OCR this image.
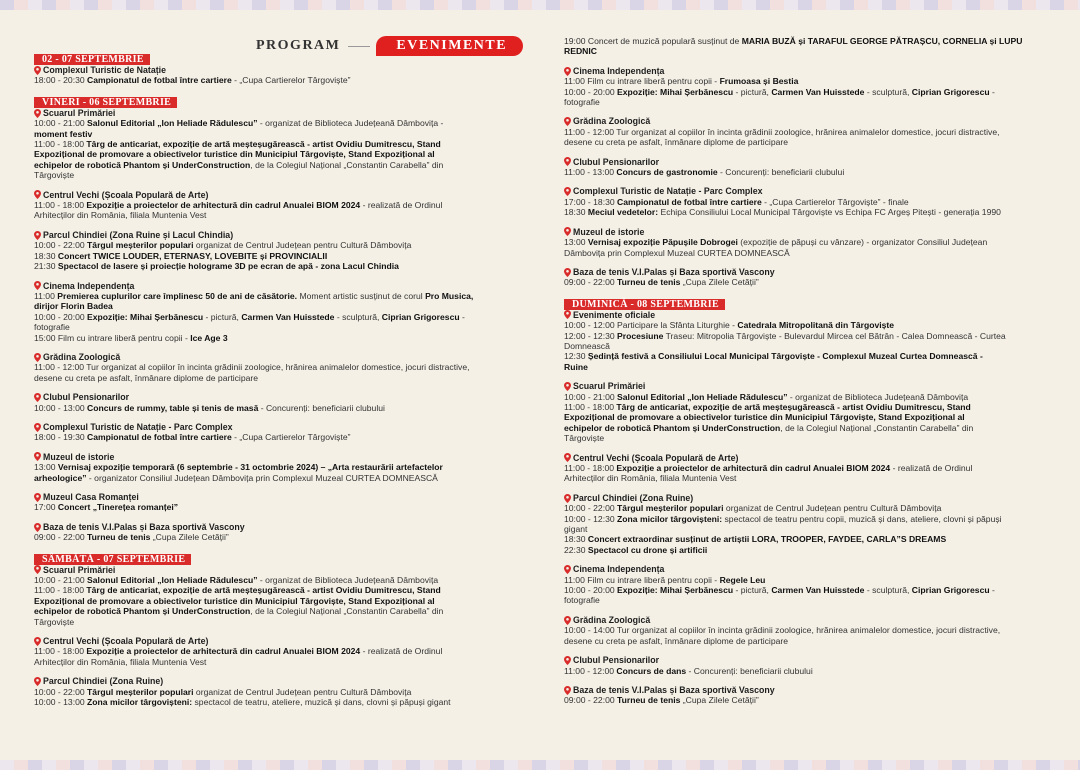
PROGRAM	EVENIMENTE
02 - 07 SEPTEMBRIE
Complexul Turistic de Natație
18:00 - 20:30 Campionatul de fotbal între cartiere - „Cupa Cartierelor Târgoviște”
VINERI - 06 SEPTEMBRIE
Scuarul Primăriei
10:00 - 21:00 Salonul Editorial „Ion Heliade Rădulescu” - organizat de Biblioteca Județeană Dâmbovița -
moment festiv
11:00 - 18:00 Târg de anticariat, expoziție de artă meșteșugărească - artist Ovidiu Dumitrescu, Stand
Expozițional de promovare a obiectivelor turistice din Municipiul Târgoviște, Stand Expozițional al
echipelor de robotică Phantom și UnderConstruction, de la Colegiul Național „Constantin Carabella” din
Târgoviște
Centrul Vechi (Școala Populară de Arte)
11:00 - 18:00 Expoziție a proiectelor de arhitectură din cadrul Anualei BIOM 2024 - realizată de Ordinul
Arhitecților din România, filiala Muntenia Vest
Parcul Chindiei (Zona Ruine și Lacul Chindia)
10:00 - 22:00 Târgul meșterilor populari organizat de Centrul Județean pentru Cultură Dâmbovița
18:30 Concert TWICE LOUDER, ETERNASY, LOVEBITE și PROVINCIALII
21:30 Spectacol de lasere și proiecție holograme 3D pe ecran de apă - zona Lacul Chindia
Cinema Independența
11:00 Premierea cuplurilor care împlinesc 50 de ani de căsătorie. Moment artistic susținut de corul Pro Musica,
dirijor Florin Badea
10:00 - 20:00 Expoziție: Mihai Șerbănescu - pictură, Carmen Van Huisstede - sculptură, Ciprian Grigorescu -
fotografie
15:00 Film cu intrare liberă pentru copii - Ice Age 3
Grădina Zoologică
11:00 - 12:00 Tur organizat al copiilor în incinta grădinii zoologice, hrănirea animalelor domestice, jocuri distractive,
desene cu creta pe asfalt, înmânare diplome de participare
Clubul Pensionarilor
10:00 - 13:00 Concurs de rummy, table și tenis de masă - Concurenți: beneficiarii clubului
Complexul Turistic de Natație - Parc Complex
18:00 - 19:30 Campionatul de fotbal între cartiere - „Cupa Cartierelor Târgoviște”
Muzeul de istorie
13:00 Vernisaj expoziție temporară (6 septembrie - 31 octombrie 2024) – „Arta restaurării artefactelor
arheologice” - organizator Consiliul Județean Dâmbovița prin Complexul Muzeal CURTEA DOMNEASCĂ
Muzeul Casa Romanței
17:00 Concert „Tinerețea romanței”
Baza de tenis V.I.Palas și Baza sportivă Vascony
09:00 - 22:00 Turneu de tenis „Cupa Zilele Cetății”
SÂMBĂTĂ - 07 SEPTEMBRIE
Scuarul Primăriei
10:00 - 21:00 Salonul Editorial „Ion Heliade Rădulescu” - organizat de Biblioteca Județeană Dâmbovița
11:00 - 18:00 Târg de anticariat, expoziție de artă meșteșugărească - artist Ovidiu Dumitrescu, Stand
Expozițional de promovare a obiectivelor turistice din Municipiul Târgoviște, Stand Expozițional al
echipelor de robotică Phantom și UnderConstruction, de la Colegiul Național „Constantin Carabella” din
Târgoviște
Centrul Vechi (Școala Populară de Arte)
11:00 - 18:00 Expoziție a proiectelor de arhitectură din cadrul Anualei BIOM 2024 - realizată de Ordinul
Arhitecților din România, filiala Muntenia Vest
Parcul Chindiei (Zona Ruine)
10:00 - 22:00 Târgul meșterilor populari organizat de Centrul Județean pentru Cultură Dâmbovița
10:00 - 13:00 Zona micilor târgovișteni: spectacol de teatru, ateliere, muzică și dans, clovni și păpuși gigant
19:00 Concert de muzică populară susținut de MARIA BUZĂ și TARAFUL GEORGE PĂTRAȘCU, CORNELIA și LUPU
REDNIC
Cinema Independența
11:00 Film cu intrare liberă pentru copii - Frumoasa și Bestia
10:00 - 20:00 Expoziție: Mihai Șerbănescu - pictură, Carmen Van Huisstede - sculptură, Ciprian Grigorescu -
fotografie
Grădina Zoologică
11:00 - 12:00 Tur organizat al copiilor în incinta grădinii zoologice, hrănirea animalelor domestice, jocuri distractive,
desene cu creta pe asfalt, înmânare diplome de participare
Clubul Pensionarilor
11:00 - 13:00 Concurs de gastronomie - Concurenți: beneficiarii clubului
Complexul Turistic de Natație - Parc Complex
17:00 - 18:30 Campionatul de fotbal între cartiere - „Cupa Cartierelor Târgoviște” - finale
18:30 Meciul vedetelor: Echipa Consiliului Local Municipal Târgoviște vs Echipa FC Argeș Pitești - generația 1990
Muzeul de istorie
13:00 Vernisaj expoziție Păpușile Dobrogei (expoziție de păpuși cu vânzare) - organizator Consiliul Județean
Dâmbovița prin Complexul Muzeal CURTEA DOMNEASCĂ
Baza de tenis V.I.Palas și Baza sportivă Vascony
09:00 - 22:00 Turneu de tenis „Cupa Zilele Cetății”
DUMINICĂ - 08 SEPTEMBRIE
Evenimente oficiale
10:00 - 12:00 Participare la Sfânta Liturghie - Catedrala Mitropolitană din Târgoviște
12:00 - 12:30 Procesiune Traseu: Mitropolia Târgoviște - Bulevardul Mircea cel Bătrân - Calea Domnească - Curtea
Domnească
12:30 Ședință festivă a Consiliului Local Municipal Târgoviște - Complexul Muzeal Curtea Domnească -
Ruine
Scuarul Primăriei
10:00 - 21:00 Salonul Editorial „Ion Heliade Rădulescu” - organizat de Biblioteca Județeană Dâmbovița
11:00 - 18:00 Târg de anticariat, expoziție de artă meșteșugărească - artist Ovidiu Dumitrescu, Stand
Expozițional de promovare a obiectivelor turistice din Municipiul Târgoviște, Stand Expozițional al
echipelor de robotică Phantom și UnderConstruction, de la Colegiul Național „Constantin Carabella” din
Târgoviște
Centrul Vechi (Școala Populară de Arte)
11:00 - 18:00 Expoziție a proiectelor de arhitectură din cadrul Anualei BIOM 2024 - realizată de Ordinul
Arhitecților din România, filiala Muntenia Vest
Parcul Chindiei (Zona Ruine)
10:00 - 22:00 Târgul meșterilor populari organizat de Centrul Județean pentru Cultură Dâmbovița
10:00 - 12:30 Zona micilor târgovișteni: spectacol de teatru pentru copii, muzică și dans, ateliere, clovni și păpuși
gigant
18:30 Concert extraordinar susținut de artiștii LORA, TROOPER, FAYDEE, CARLA”S DREAMS
22:30 Spectacol cu drone și artificii
Cinema Independența
11:00 Film cu intrare liberă pentru copii - Regele Leu
10:00 - 20:00 Expoziție: Mihai Șerbănescu - pictură, Carmen Van Huisstede - sculptură, Ciprian Grigorescu -
fotografie
Grădina Zoologică
10:00 - 14:00 Tur organizat al copiilor în incinta grădinii zoologice, hrănirea animalelor domestice, jocuri distractive,
desene cu creta pe asfalt, înmânare diplome de participare
Clubul Pensionarilor
11:00 - 12:00 Concurs de dans - Concurenți: beneficiarii clubului
Baza de tenis V.I.Palas și Baza sportivă Vascony
09:00 - 22:00 Turneu de tenis „Cupa Zilele Cetății”
